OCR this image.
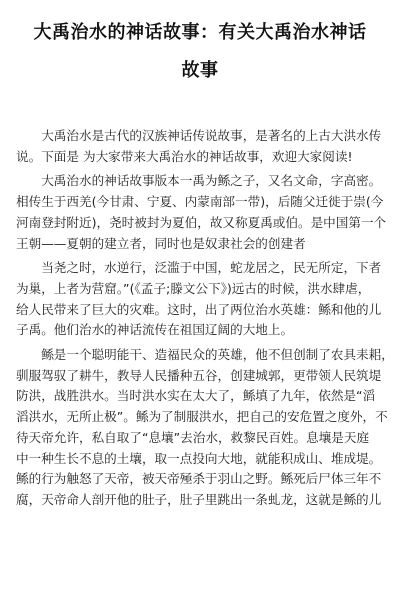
大禹治水的神话故事：有关大禹治水神话
故事

大禹治水是古代的汉族神话传说故事，是著名的上古大洪水传
说。下面是 为大家带来大禹治水的神话故事，欢迎大家阅读!

大禹治水的神话故事版本一禹为鲧之子，又名文命，字高密。
相传生于西羌(今甘肃、宁夏、内蒙南部一带)，后随父迁徙于崇(今
河南登封附近)，尧时被封为夏伯，故又称夏禹或伯。是中国第一个
王朝——夏朝的建立者，同时也是奴隶社会的创建者

当尧之时，水逆行，泛滥于中国，蛇龙居之，民无所定，下者
为巢，上者为营窟。”(《孟子;滕文公下》)远古的时候，洪水肆虐，
给人民带来了巨大的灾难。这时，出了两位治水英雄：鲧和他的儿
子禹。他们治水的神话流传在祖国辽阔的大地上。

鲧是一个聪明能干、造福民众的英雄，他不但创制了农具耒耜，
驯服驾驭了耕牛，教导人民播种五谷，创建城郭，更带领人民筑堤
防洪，战胜洪水。当时洪水实在太大了，鲧填了九年，依然是“滔
滔洪水，无所止极”。鲧为了制服洪水，把自己的安危置之度外，不
待天帝允许，私自取了“息壤”去治水，救黎民百姓。息壤是天庭
中一种生长不息的土壤，取一点投向大地，就能积成山、堆成堤。
鲧的行为触怒了天帝，被天帝殛杀于羽山之野。鲧死后尸体三年不
腐，天帝命人剖开他的肚子，肚子里跳出一条虬龙，这就是鲧的儿
